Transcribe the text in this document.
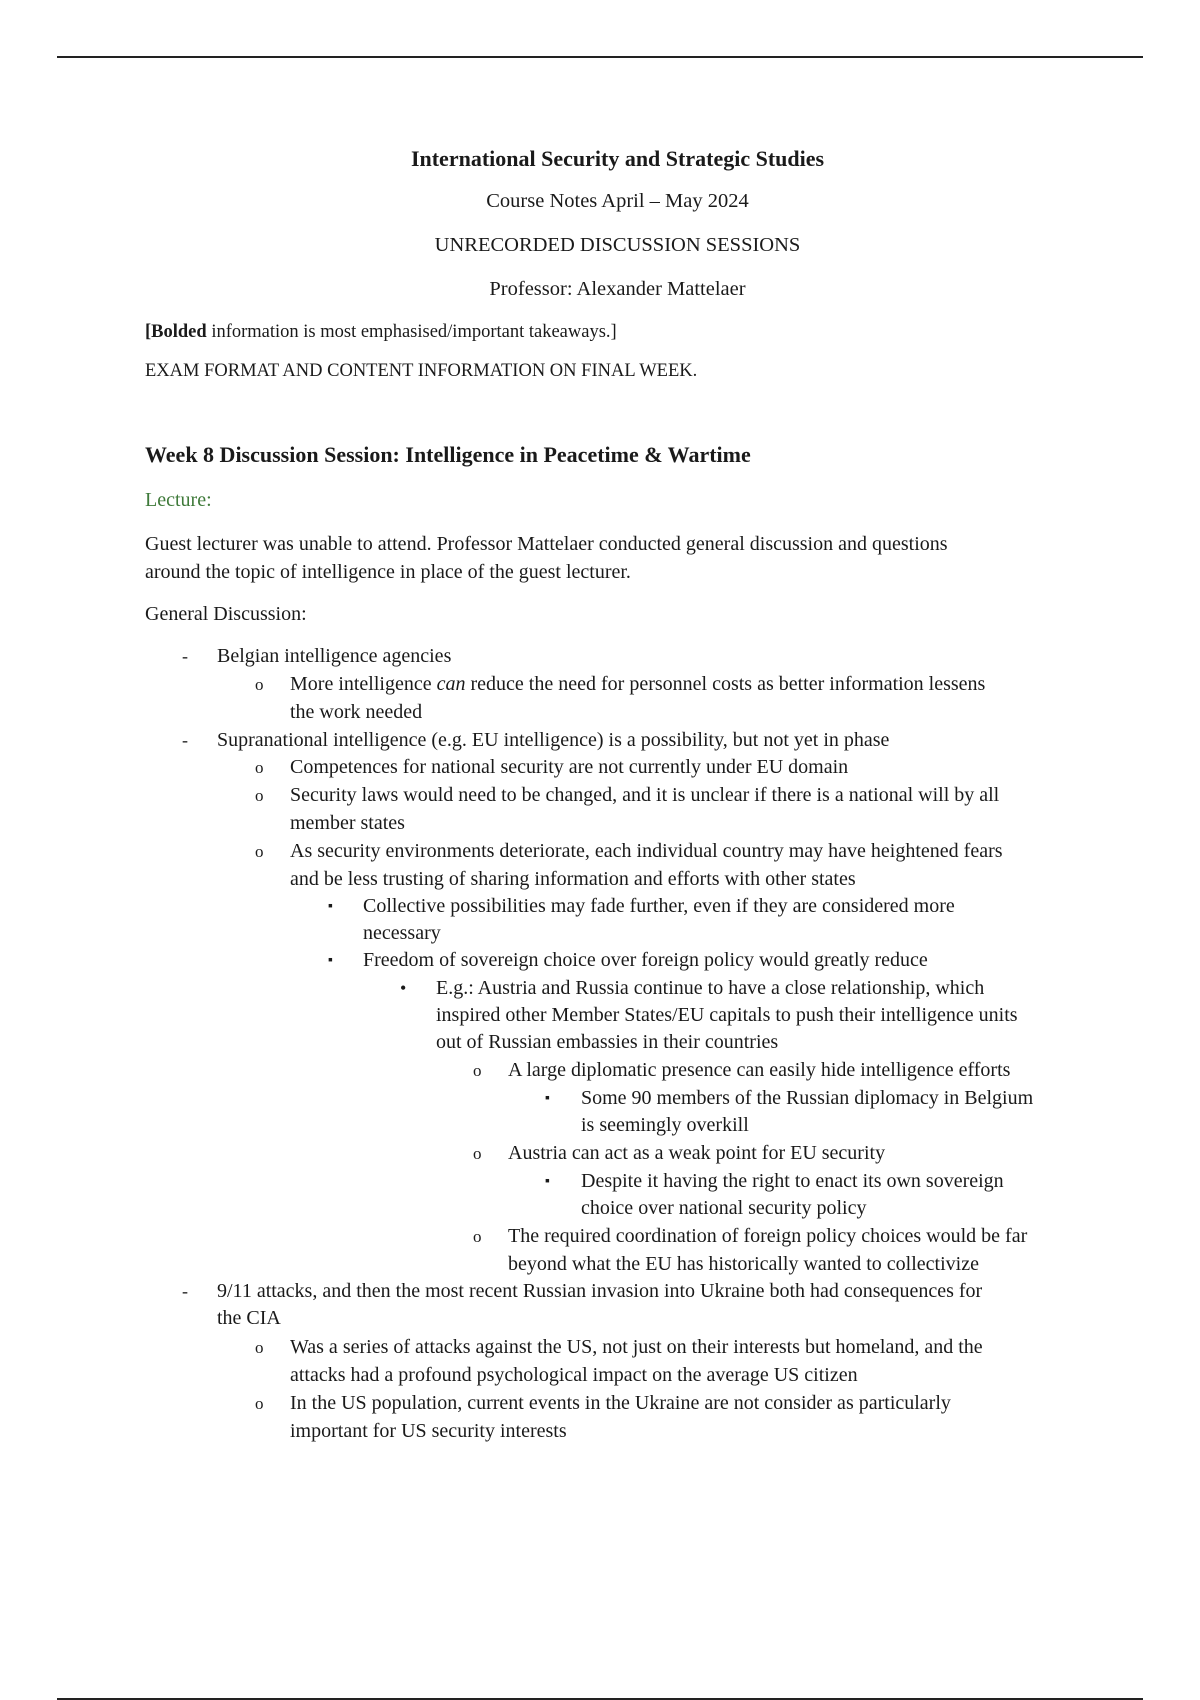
International Security and Strategic Studies
Course Notes April – May 2024
UNRECORDED DISCUSSION SESSIONS
Professor: Alexander Mattelaer
[Bolded information is most emphasised/important takeaways.]
EXAM FORMAT AND CONTENT INFORMATION ON FINAL WEEK.
Week 8 Discussion Session: Intelligence in Peacetime & Wartime
Lecture:
Guest lecturer was unable to attend. Professor Mattelaer conducted general discussion and questions
around the topic of intelligence in place of the guest lecturer.
General Discussion:
-	Belgian intelligence agencies
o More intelligence can reduce the need for personnel costs as better information lessens
the work needed
-	Supranational intelligence (e.g. EU intelligence) is a possibility, but not yet in phase
o Competences for national security are not currently under EU domain
o Security laws would need to be changed, and it is unclear if there is a national will by all
member states
o As security environments deteriorate, each individual country may have heightened fears
and be less trusting of sharing information and efforts with other states
▪ Collective possibilities may fade further, even if they are considered more
necessary
▪ Freedom of sovereign choice over foreign policy would greatly reduce
• E.g.: Austria and Russia continue to have a close relationship, which
inspired other Member States/EU capitals to push their intelligence units
out of Russian embassies in their countries
o A large diplomatic presence can easily hide intelligence efforts
▪ Some 90 members of the Russian diplomacy in Belgium
is seemingly overkill
o Austria can act as a weak point for EU security
▪ Despite it having the right to enact its own sovereign
choice over national security policy
o The required coordination of foreign policy choices would be far
beyond what the EU has historically wanted to collectivize
-	9/11 attacks, and then the most recent Russian invasion into Ukraine both had consequences for
the CIA
o Was a series of attacks against the US, not just on their interests but homeland, and the
attacks had a profound psychological impact on the average US citizen
o In the US population, current events in the Ukraine are not consider as particularly
important for US security interests
